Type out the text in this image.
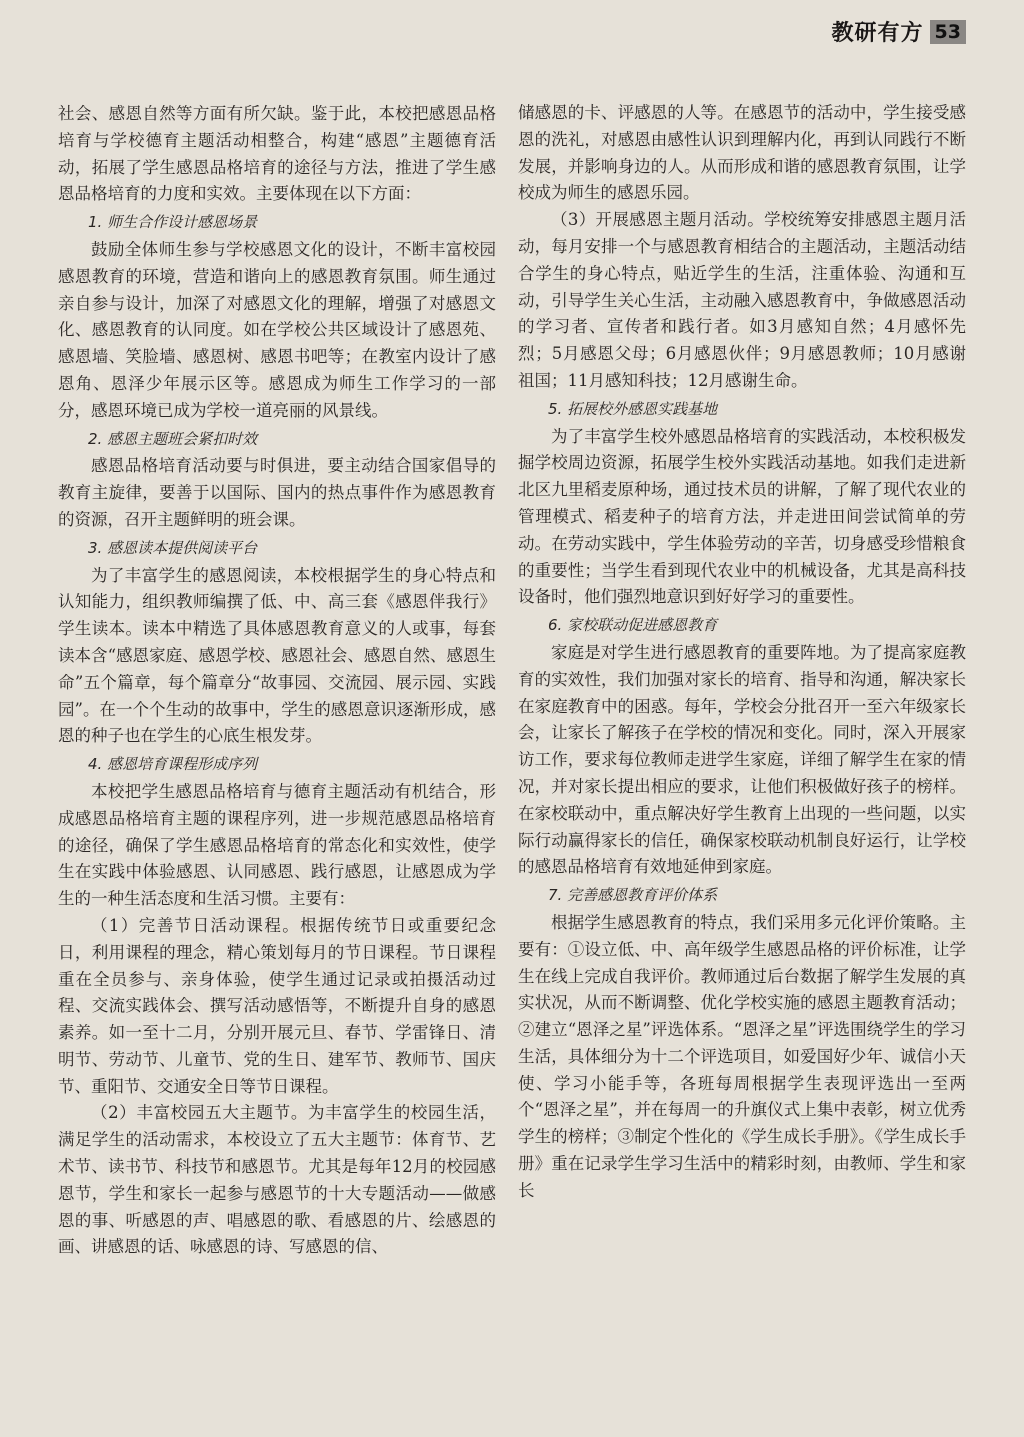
教研有方 53

社会、感恩自然等方面有所欠缺。鉴于此，本校把感恩品格培育与学校德育主题活动相整合，构建“感恩”主题德育活动，拓展了学生感恩品格培育的途径与方法，推进了学生感恩品格培育的力度和实效。主要体现在以下方面：

1. 师生合作设计感恩场景

鼓励全体师生参与学校感恩文化的设计，不断丰富校园感恩教育的环境，营造和谐向上的感恩教育氛围。师生通过亲自参与设计，加深了对感恩文化的理解，增强了对感恩文化、感恩教育的认同度。如在学校公共区域设计了感恩苑、感恩墙、笑脸墙、感恩树、感恩书吧等；在教室内设计了感恩角、恩泽少年展示区等。感恩成为师生工作学习的一部分，感恩环境已成为学校一道亮丽的风景线。

2. 感恩主题班会紧扣时效

感恩品格培育活动要与时俱进，要主动结合国家倡导的教育主旋律，要善于以国际、国内的热点事件作为感恩教育的资源，召开主题鲜明的班会课。

3. 感恩读本提供阅读平台

为了丰富学生的感恩阅读，本校根据学生的身心特点和认知能力，组织教师编撰了低、中、高三套《感恩伴我行》学生读本。读本中精选了具体感恩教育意义的人或事，每套读本含“感恩家庭、感恩学校、感恩社会、感恩自然、感恩生命”五个篇章，每个篇章分“故事园、交流园、展示园、实践园”。在一个个生动的故事中，学生的感恩意识逐渐形成，感恩的种子也在学生的心底生根发芽。

4. 感恩培育课程形成序列

本校把学生感恩品格培育与德育主题活动有机结合，形成感恩品格培育主题的课程序列，进一步规范感恩品格培育的途径，确保了学生感恩品格培育的常态化和实效性，使学生在实践中体验感恩、认同感恩、践行感恩，让感恩成为学生的一种生活态度和生活习惯。主要有：

（1）完善节日活动课程。根据传统节日或重要纪念日，利用课程的理念，精心策划每月的节日课程。节日课程重在全员参与、亲身体验，使学生通过记录或拍摄活动过程、交流实践体会、撰写活动感悟等，不断提升自身的感恩素养。如一至十二月，分别开展元旦、春节、学雷锋日、清明节、劳动节、儿童节、党的生日、建军节、教师节、国庆节、重阳节、交通安全日等节日课程。

（2）丰富校园五大主题节。为丰富学生的校园生活，满足学生的活动需求，本校设立了五大主题节：体育节、艺术节、读书节、科技节和感恩节。尤其是每年12月的校园感恩节，学生和家长一起参与感恩节的十大专题活动——做感恩的事、听感恩的声、唱感恩的歌、看感恩的片、绘感恩的画、讲感恩的话、咏感恩的诗、写感恩的信、

储感恩的卡、评感恩的人等。在感恩节的活动中，学生接受感恩的洗礼，对感恩由感性认识到理解内化，再到认同践行不断发展，并影响身边的人。从而形成和谐的感恩教育氛围，让学校成为师生的感恩乐园。

（3）开展感恩主题月活动。学校统筹安排感恩主题月活动，每月安排一个与感恩教育相结合的主题活动，主题活动结合学生的身心特点，贴近学生的生活，注重体验、沟通和互动，引导学生关心生活，主动融入感恩教育中，争做感恩活动的学习者、宣传者和践行者。如3月感知自然；4月感怀先烈；5月感恩父母；6月感恩伙伴；9月感恩教师；10月感谢祖国；11月感知科技；12月感谢生命。

5. 拓展校外感恩实践基地

为了丰富学生校外感恩品格培育的实践活动，本校积极发掘学校周边资源，拓展学生校外实践活动基地。如我们走进新北区九里稻麦原种场，通过技术员的讲解，了解了现代农业的管理模式、稻麦种子的培育方法，并走进田间尝试简单的劳动。在劳动实践中，学生体验劳动的辛苦，切身感受珍惜粮食的重要性；当学生看到现代农业中的机械设备，尤其是高科技设备时，他们强烈地意识到好好学习的重要性。

6. 家校联动促进感恩教育

家庭是对学生进行感恩教育的重要阵地。为了提高家庭教育的实效性，我们加强对家长的培育、指导和沟通，解决家长在家庭教育中的困惑。每年，学校会分批召开一至六年级家长会，让家长了解孩子在学校的情况和变化。同时，深入开展家访工作，要求每位教师走进学生家庭，详细了解学生在家的情况，并对家长提出相应的要求，让他们积极做好孩子的榜样。在家校联动中，重点解决好学生教育上出现的一些问题，以实际行动赢得家长的信任，确保家校联动机制良好运行，让学校的感恩品格培育有效地延伸到家庭。

7. 完善感恩教育评价体系

根据学生感恩教育的特点，我们采用多元化评价策略。主要有：①设立低、中、高年级学生感恩品格的评价标准，让学生在线上完成自我评价。教师通过后台数据了解学生发展的真实状况，从而不断调整、优化学校实施的感恩主题教育活动；②建立“恩泽之星”评选体系。“恩泽之星”评选围绕学生的学习生活，具体细分为十二个评选项目，如爱国好少年、诚信小天使、学习小能手等，各班每周根据学生表现评选出一至两个“恩泽之星”，并在每周一的升旗仪式上集中表彰，树立优秀学生的榜样；③制定个性化的《学生成长手册》。《学生成长手册》重在记录学生学习生活中的精彩时刻，由教师、学生和家长
